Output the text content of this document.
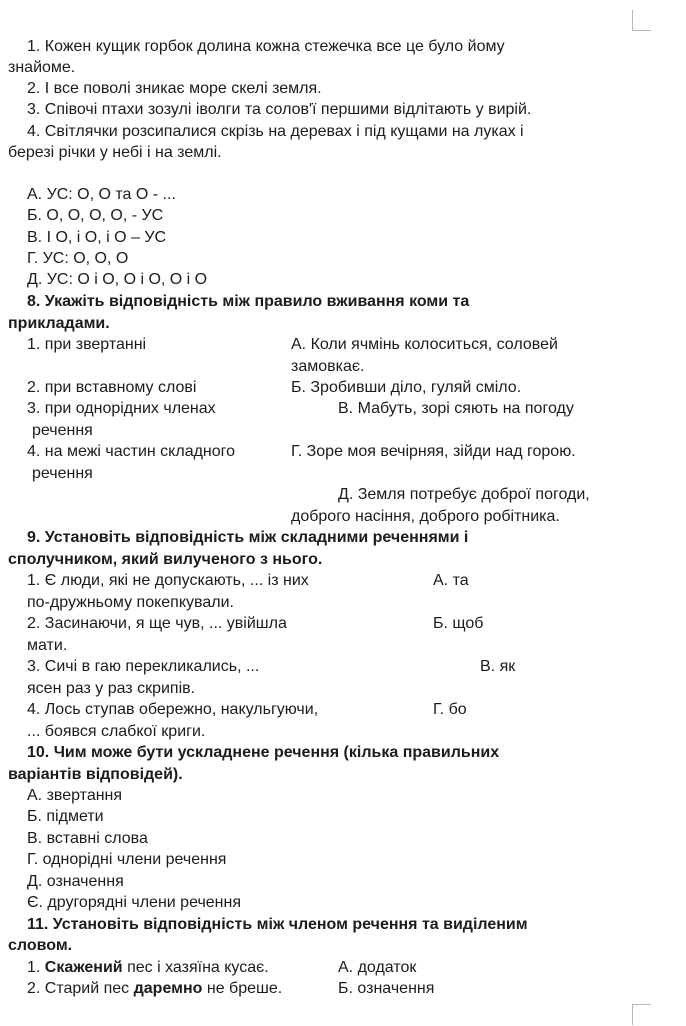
1. Кожен кущик горбок долина кожна стежечка все це було йому
знайоме.
2. І все поволі зникає море скелі земля.
3. Співочі птахи зозулі іволги та солов'ї першими відлітають у вирій.
4. Світлячки розсипалися скрізь на деревах і під кущами на луках і
березі річки у небі і на землі.
А. УС: О, О та О - ...
Б. О, О, О, О, - УС
В. І О, і О, і О – УС
Г. УС: О, О, О
Д. УС: О і О, О і О, О і О
8. Укажіть відповідність між правило вживання коми та
прикладами.
1. при звертанні
2. при вставному слові
3. при однорідних членах
речення
4. на межі частин складного
речення
А. Коли ячмінь колоситься, соловей
замовкає.
Б. Зробивши діло, гуляй сміло.
В. Мабуть, зорі сяють на погоду
Г. Зоре моя вечірняя, зійди над горою.
Д. Земля потребує доброї погоди,
доброго насіння, доброго робітника.
9. Установіть відповідність між складними реченнями і
сполучником, який вилученого з нього.
1. Є люди, які не допускають, ... із них
по-дружньому покепкували.
2. Засинаючи, я ще чув, ... увійшла
мати.
3. Сичі в гаю перекликались, ...
ясен раз у раз скрипів.
4. Лось ступав обережно, накульгуючи,
... боявся слабкої криги.
А. та
Б. щоб
В. як
Г. бо
10. Чим може бути ускладнене речення (кілька правильних
варіантів відповідей).
А. звертання
Б. підмети
В. вставні слова
Г. однорідні члени речення
Д. означення
Є. другорядні члени речення
11. Установіть відповідність між членом речення та виділеним
словом.
1. Скажений пес і хазяїна кусає.	А. додаток
2. Старий пес даремно не бреше.	Б. означення
